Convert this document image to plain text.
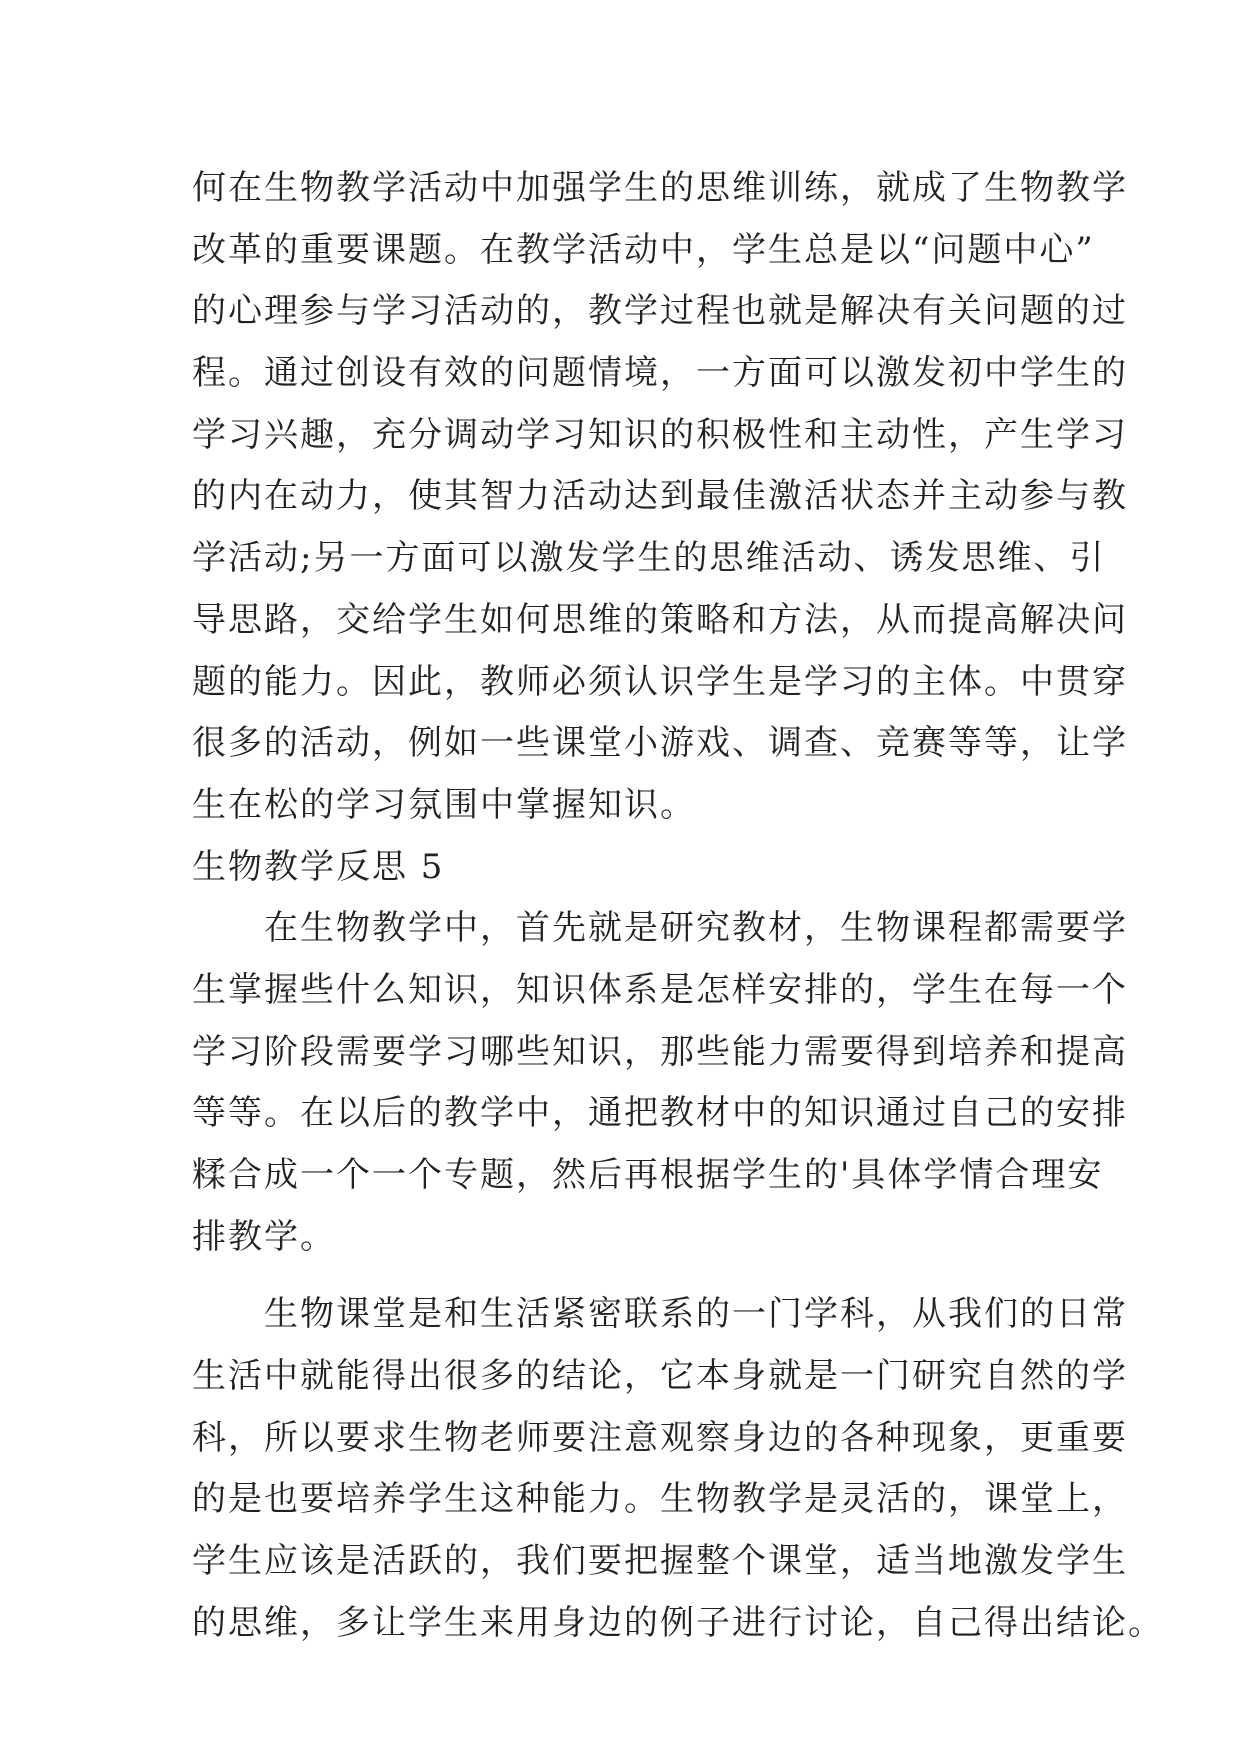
何在生物教学活动中加强学生的思维训练，就成了生物教学
改革的重要课题。在教学活动中，学生总是以“问题中心”
的心理参与学习活动的，教学过程也就是解决有关问题的过
程。通过创设有效的问题情境，一方面可以激发初中学生的
学习兴趣，充分调动学习知识的积极性和主动性，产生学习
的内在动力，使其智力活动达到最佳激活状态并主动参与教
学活动;另一方面可以激发学生的思维活动、诱发思维、引
导思路，交给学生如何思维的策略和方法，从而提高解决问
题的能力。因此，教师必须认识学生是学习的主体。中贯穿
很多的活动，例如一些课堂小游戏、调查、竞赛等等，让学
生在松的学习氛围中掌握知识。
生物教学反思 5
　　在生物教学中，首先就是研究教材，生物课程都需要学
生掌握些什么知识，知识体系是怎样安排的，学生在每一个
学习阶段需要学习哪些知识，那些能力需要得到培养和提高
等等。在以后的教学中，通把教材中的知识通过自己的安排
糅合成一个一个专题，然后再根据学生的'具体学情合理安
排教学。
　　生物课堂是和生活紧密联系的一门学科，从我们的日常
生活中就能得出很多的结论，它本身就是一门研究自然的学
科，所以要求生物老师要注意观察身边的各种现象，更重要
的是也要培养学生这种能力。生物教学是灵活的，课堂上，
学生应该是活跃的，我们要把握整个课堂，适当地激发学生
的思维，多让学生来用身边的例子进行讨论，自己得出结论。
